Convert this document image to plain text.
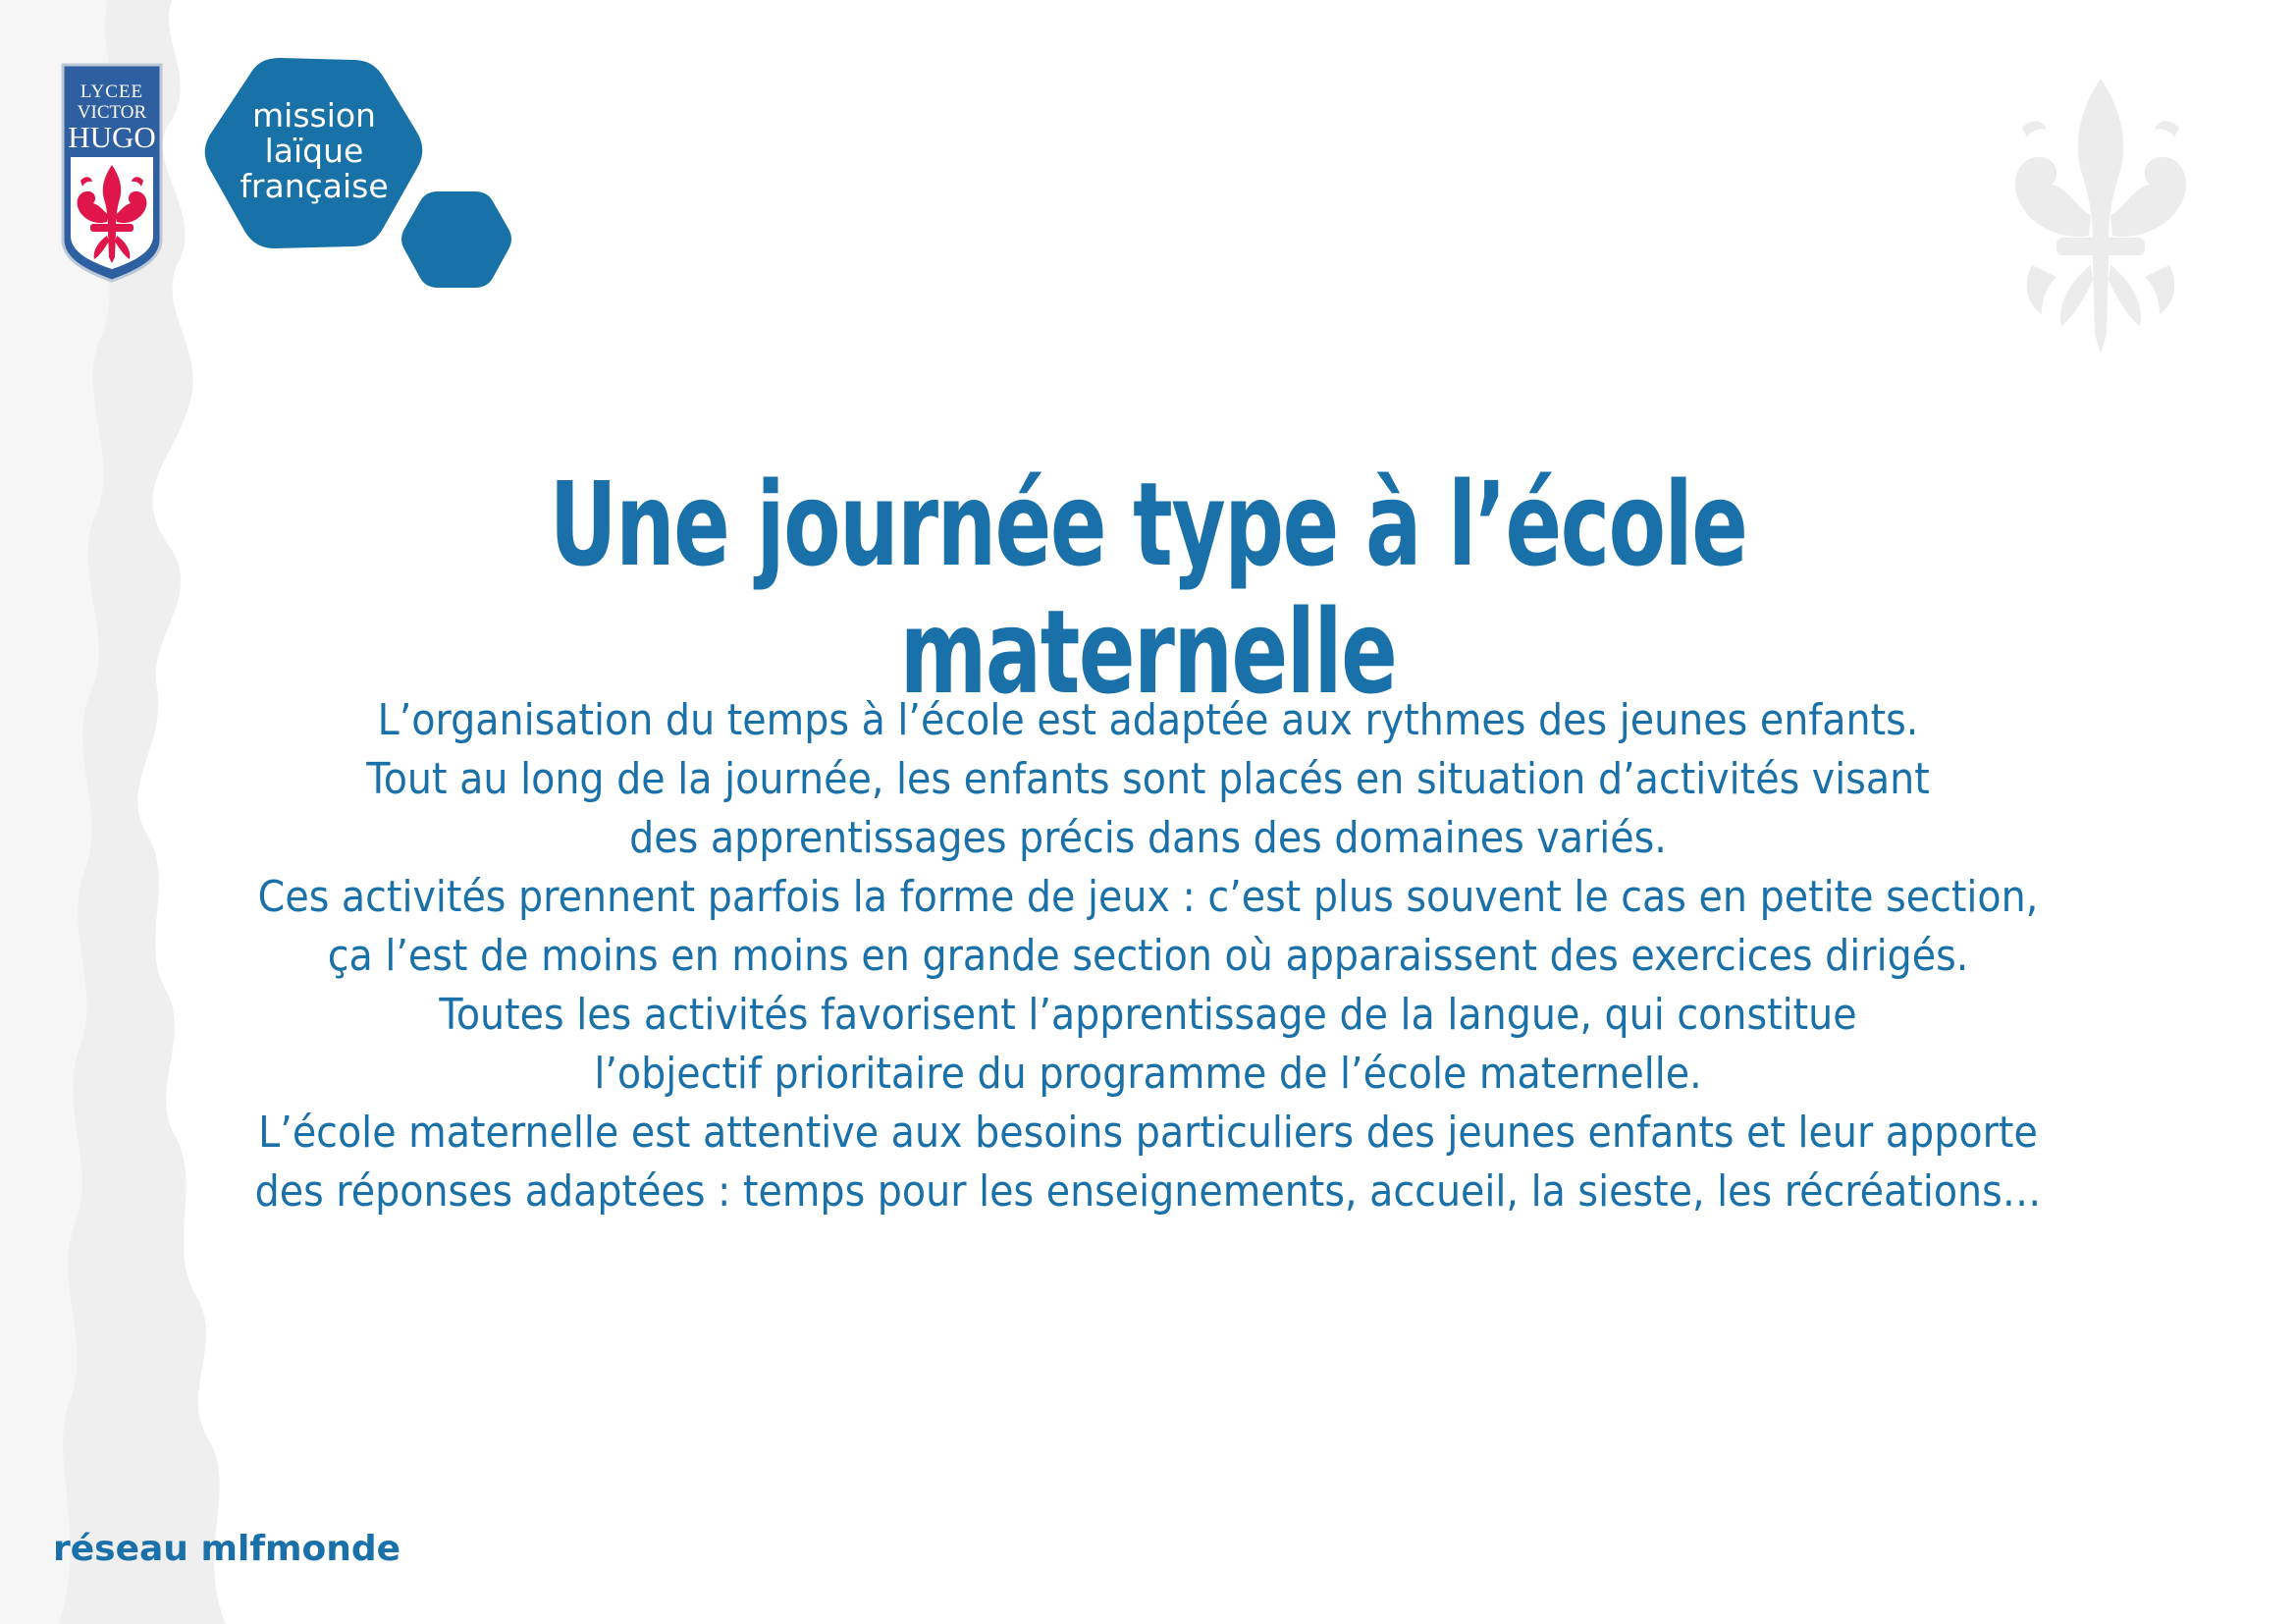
LYCEE
VICTOR
HUGO
mission
laïque
française
Une journée type à l’école maternelle
L’organisation du temps à l’école est adaptée aux rythmes des jeunes enfants.
Tout au long de la journée, les enfants sont placés en situation d’activités visant
des apprentissages précis dans des domaines variés.
Ces activités prennent parfois la forme de jeux : c’est plus souvent le cas en petite section,
ça l’est de moins en moins en grande section où apparaissent des exercices dirigés.
Toutes les activités favorisent l’apprentissage de la langue, qui constitue
l’objectif prioritaire du programme de l’école maternelle.
L’école maternelle est attentive aux besoins particuliers des jeunes enfants et leur apporte
des réponses adaptées : temps pour les enseignements, accueil, la sieste, les récréations…
réseau mlfmonde
